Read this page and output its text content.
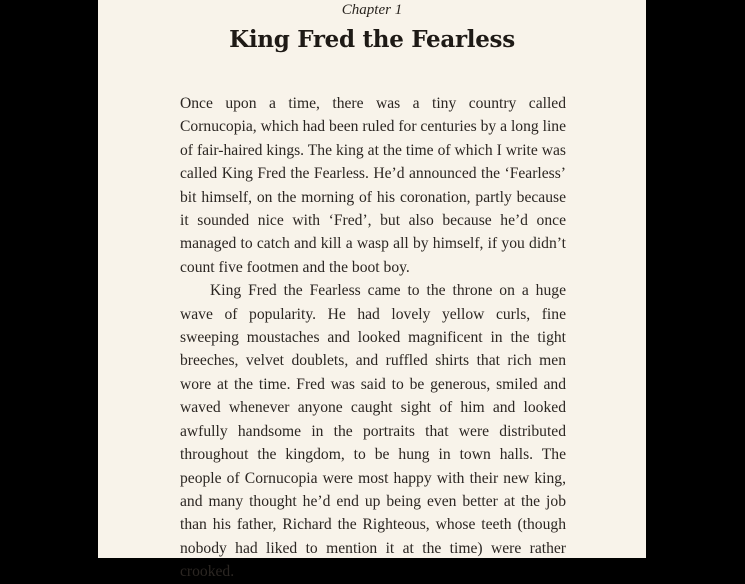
Chapter 1
King Fred the Fearless

Once upon a time, there was a tiny country called Cornucopia, which had been ruled for centuries by a long line of fair-haired kings. The king at the time of which I write was called King Fred the Fearless. He’d announced the ‘Fearless’ bit himself, on the morning of his coronation, partly because it sounded nice with ‘Fred’, but also because he’d once managed to catch and kill a wasp all by himself, if you didn’t count five footmen and the boot boy.

King Fred the Fearless came to the throne on a huge wave of popularity. He had lovely yellow curls, fine sweeping moustaches and looked magnificent in the tight breeches, velvet doublets, and ruffled shirts that rich men wore at the time. Fred was said to be generous, smiled and waved whenever anyone caught sight of him and looked awfully handsome in the portraits that were distributed throughout the kingdom, to be hung in town halls. The people of Cornucopia were most happy with their new king, and many thought he’d end up being even better at the job than his father, Richard the Righteous, whose teeth (though nobody had liked to mention it at the time) were rather crooked.
